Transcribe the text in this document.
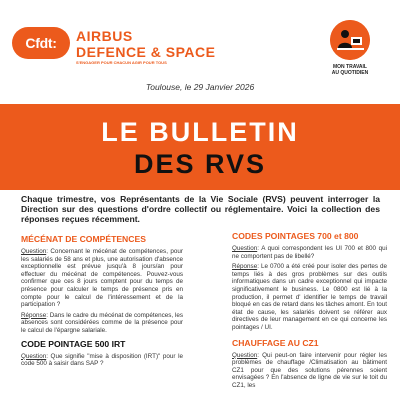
Cfdt: AIRBUS
DEFENCE & SPACE
S'ENGAGER POUR CHACUN AGIR POUR TOUS
MON TRAVAIL
AU QUOTIDIEN
Toulouse, le 29 Janvier 2026
LE BULLETIN
DES RVS
Chaque trimestre, vos Représentants de la Vie Sociale (RVS) peuvent interroger la Direction sur des questions d'ordre collectif ou réglementaire. Voici la collection des réponses reçues récemment.
MÉCÉNAT DE COMPÉTENCES

Question: Concernant le mécénat de compétences, pour les salariés de 58 ans et plus, une autorisation d'absence exceptionnelle est prévue jusqu'à 8 jours/an pour effectuer du mécénat de compétences. Pouvez-vous confirmer que ces 8 jours comptent pour du temps de présence pour calculer le temps de présence pris en compte pour le calcul de l'intéressement et de la participation ?

Réponse: Dans le cadre du mécénat de compétences, les absences sont considérées comme de la présence pour le calcul de l'épargne salariale.

CODE POINTAGE 500 IRT

Question: Que signifie "mise à disposition (IRT)" pour le code 500 à saisir dans SAP ?

CODES POINTAGES 700 et 800

Question: A quoi correspondent les UI 700 et 800 qui ne comportent pas de libellé?

Réponse: Le 0700 a été créé pour isoler des pertes de temps liés à des gros problèmes sur des outils informatiques dans un cadre exceptionnel qui impacte significativement le business. Le 0800 est lié à la production, il permet d' identifier le temps de travail bloqué en cas de retard dans les tâches amont. En tout état de cause, les salariés doivent se référer aux directives de leur management en ce qui concerne les pointages / UI.

CHAUFFAGE AU CZ1

Question: Qui peut-on faire intervenir pour régler les problèmes de chauffage /Climatisation au bâtiment CZ1 pour que des solutions pérennes soient envisagées ? En l'absence de ligne de vie sur le toit du CZ1, les
